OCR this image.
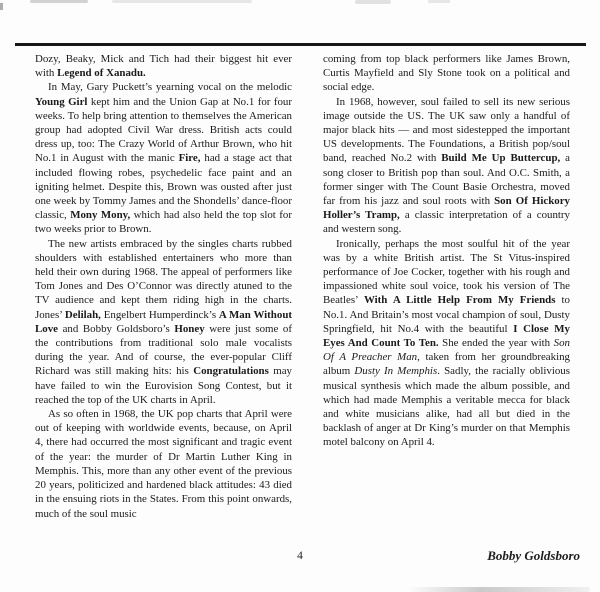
Dozy, Beaky, Mick and Tich had their biggest hit ever with Legend of Xanadu.

In May, Gary Puckett’s yearning vocal on the melodic Young Girl kept him and the Union Gap at No.1 for four weeks. To help bring attention to themselves the American group had adopted Civil War dress. British acts could dress up, too: The Crazy World of Arthur Brown, who hit No.1 in August with the manic Fire, had a stage act that included flowing robes, psychedelic face paint and an igniting helmet. Despite this, Brown was ousted after just one week by Tommy James and the Shondells’ dance-floor classic, Mony Mony, which had also held the top slot for two weeks prior to Brown.

The new artists embraced by the singles charts rubbed shoulders with established entertainers who more than held their own during 1968. The appeal of performers like Tom Jones and Des O’Connor was directly atuned to the TV audience and kept them riding high in the charts. Jones’ Delilah, Engelbert Humperdinck’s A Man Without Love and Bobby Goldsboro’s Honey were just some of the contributions from traditional solo male vocalists during the year. And of course, the ever-popular Cliff Richard was still making hits: his Congratulations may have failed to win the Eurovision Song Contest, but it reached the top of the UK charts in April.

As so often in 1968, the UK pop charts that April were out of keeping with worldwide events, because, on April 4, there had occurred the most significant and tragic event of the year: the murder of Dr Martin Luther King in Memphis. This, more than any other event of the previous 20 years, politicized and hardened black attitudes: 43 died in the ensuing riots in the States. From this point onwards, much of the soul music

coming from top black performers like James Brown, Curtis Mayfield and Sly Stone took on a political and social edge.

In 1968, however, soul failed to sell its new serious image outside the US. The UK saw only a handful of major black hits — and most sidestepped the important US developments. The Foundations, a British pop/soul band, reached No.2 with Build Me Up Buttercup, a song closer to British pop than soul. And O.C. Smith, a former singer with The Count Basie Orchestra, moved far from his jazz and soul roots with Son Of Hickory Holler’s Tramp, a classic interpretation of a country and western song.

Ironically, perhaps the most soulful hit of the year was by a white British artist. The St Vitus-inspired performance of Joe Cocker, together with his rough and impassioned white soul voice, took his version of The Beatles’ With A Little Help From My Friends to No.1. And Britain’s most vocal champion of soul, Dusty Springfield, hit No.4 with the beautiful I Close My Eyes And Count To Ten. She ended the year with Son Of A Preacher Man, taken from her groundbreaking album Dusty In Memphis. Sadly, the racially oblivious musical synthesis which made the album possible, and which had made Memphis a veritable mecca for black and white musicians alike, had all but died in the backlash of anger at Dr King’s murder on that Memphis motel balcony on April 4.

4	Bobby Goldsboro
